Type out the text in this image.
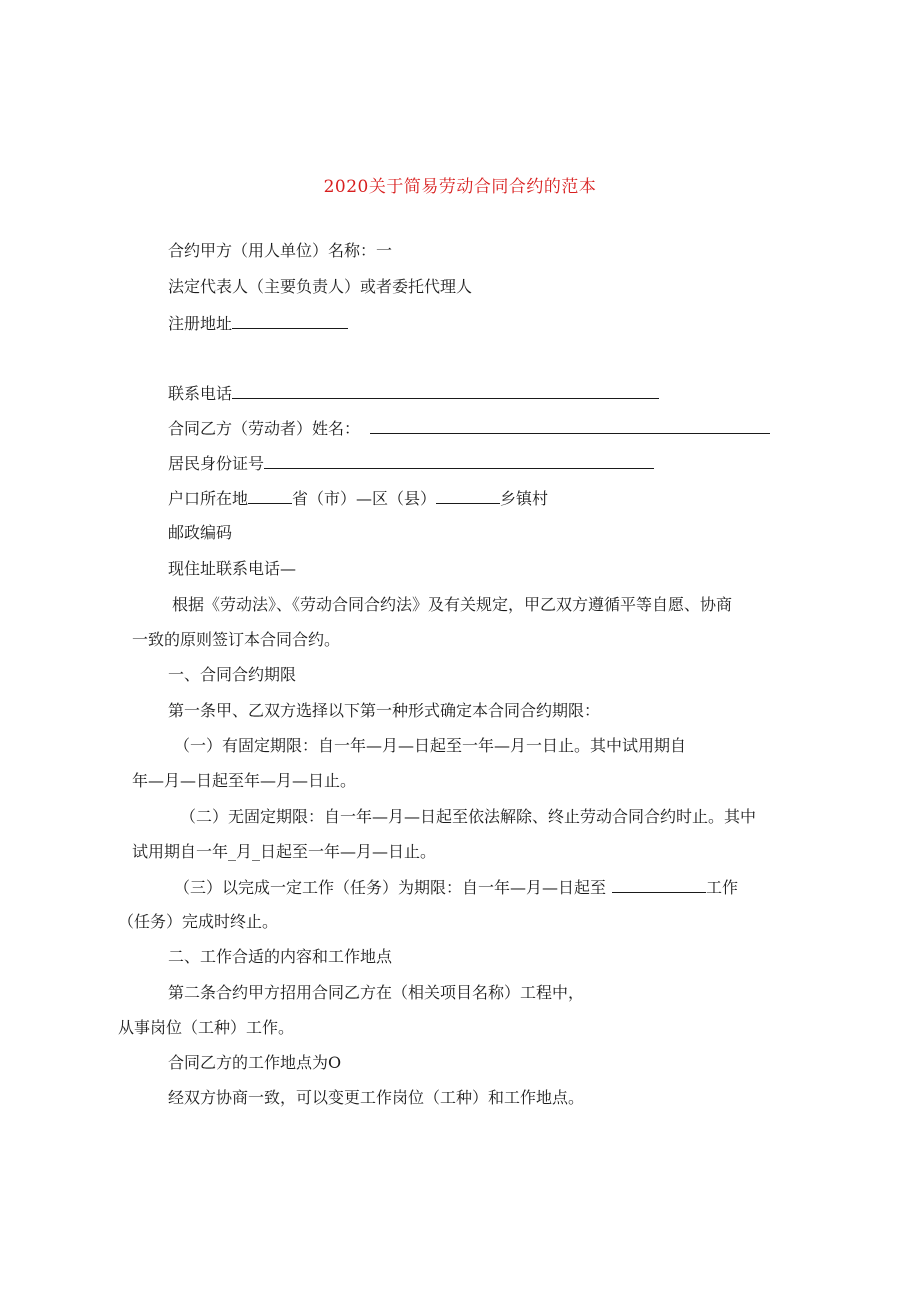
2020关于简易劳动合同合约的范本
合约甲方（用人单位）名称：一
法定代表人（主要负责人）或者委托代理人
注册地址
联系电话
合同乙方（劳动者）姓名：
居民身份证号
户口所在地	省（市）—区（县）	乡镇村
邮政编码
现住址联系电话—
根据《劳动法》、《劳动合同合约法》及有关规定，甲乙双方遵循平等自愿、协商
一致的原则签订本合同合约。
一、合同合约期限
第一条甲、乙双方选择以下第一种形式确定本合同合约期限：
（一）有固定期限：自一年—月—日起至一年—月一日止。其中试用期自
年—月—日起至年—月—日止。
（二）无固定期限：自一年—月—日起至依法解除、终止劳动合同合约时止。其中
试用期自一年_月_日起至一年—月—日止。
（三）以完成一定工作（任务）为期限：自一年—月—日起至	工作
（任务）完成时终止。
二、工作合适的内容和工作地点
第二条合约甲方招用合同乙方在（相关项目名称）工程中，
从事岗位（工种）工作。
合同乙方的工作地点为O
经双方协商一致，可以变更工作岗位（工种）和工作地点。
